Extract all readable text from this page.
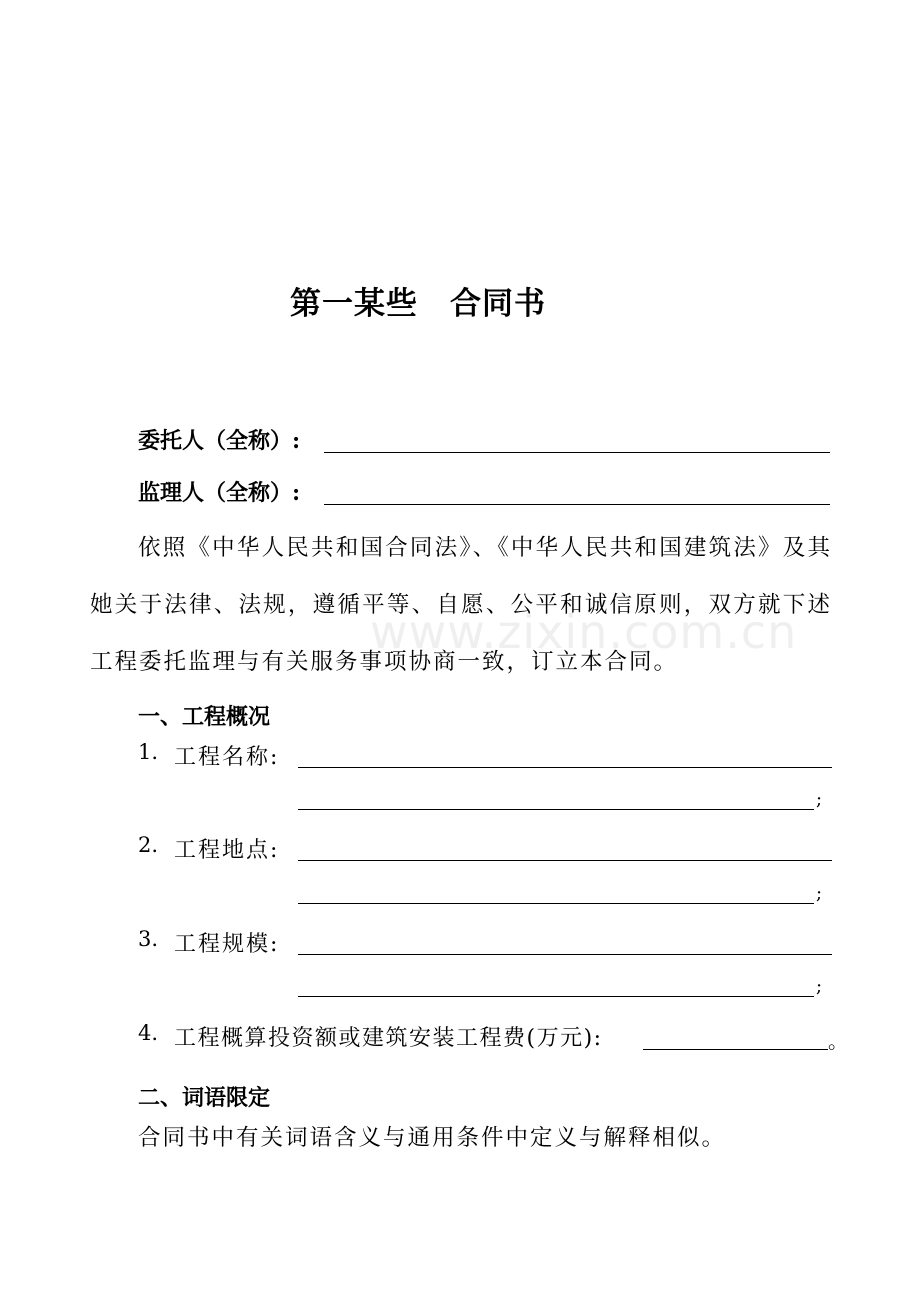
www.zixin.com.cn
第一某些　合同书
委托人（全称）:
监理人（全称）:
依照《中华人民共和国合同法》、《中华人民共和国建筑法》及其她关于法律、法规，遵循平等、自愿、公平和诚信原则，双方就下述工程委托监理与有关服务事项协商一致，订立本合同。
一、工程概况
1. 工程名称:
;
2. 工程地点:
;
3. 工程规模:
;
4. 工程概算投资额或建筑安装工程费(万元):	。
二、词语限定
合同书中有关词语含义与通用条件中定义与解释相似。
